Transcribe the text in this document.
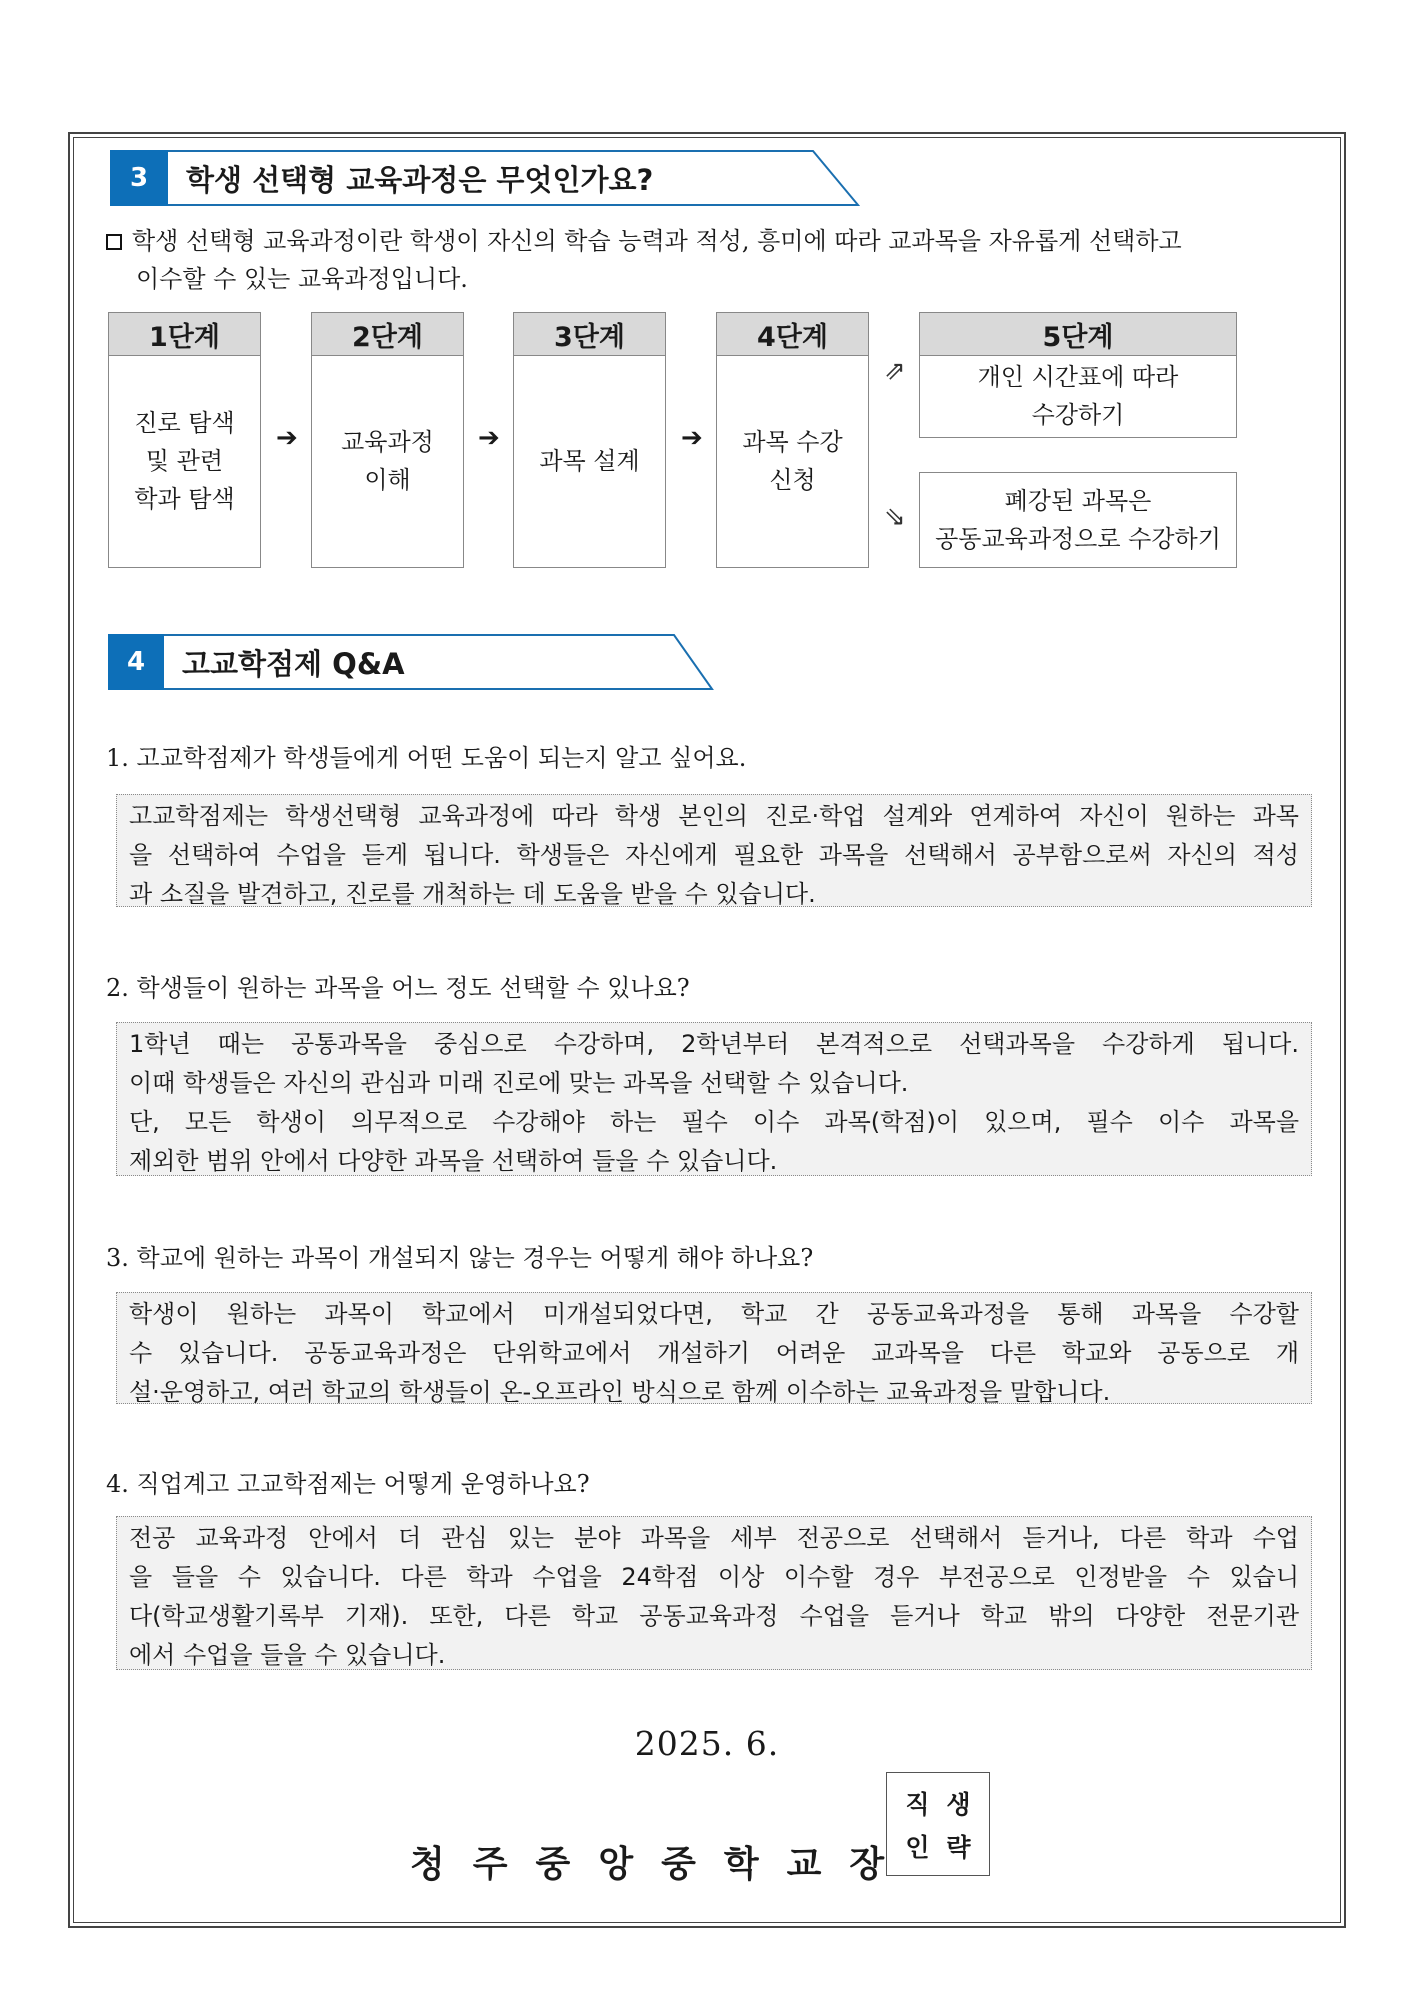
3	학생 선택형 교육과정은 무엇인가요?
학생 선택형 교육과정이란 학생이 자신의 학습 능력과 적성, 흥미에 따라 교과목을 자유롭게 선택하고
이수할 수 있는 교육과정입니다.
1단계
진로 탐색
및 관련
학과 탐색
➔
2단계
교육과정
이해
➔
3단계
과목 설계
➔
4단계
과목 수강
신청
⇗
⇘
5단계
개인 시간표에 따라
수강하기
폐강된 과목은
공동교육과정으로 수강하기
4	고교학점제 Q&A
1. 고교학점제가 학생들에게 어떤 도움이 되는지 알고 싶어요.

고교학점제는 학생선택형 교육과정에 따라 학생 본인의 진로·학업 설계와 연계하여 자신이 원하는 과목

을 선택하여 수업을 듣게 됩니다. 학생들은 자신에게 필요한 과목을 선택해서 공부함으로써 자신의 적성

과 소질을 발견하고, 진로를 개척하는 데 도움을 받을 수 있습니다.

2. 학생들이 원하는 과목을 어느 정도 선택할 수 있나요?

1학년 때는 공통과목을 중심으로 수강하며, 2학년부터 본격적으로 선택과목을 수강하게 됩니다.

이때 학생들은 자신의 관심과 미래 진로에 맞는 과목을 선택할 수 있습니다.

단, 모든 학생이 의무적으로 수강해야 하는 필수 이수 과목(학점)이 있으며, 필수 이수 과목을

제외한 범위 안에서 다양한 과목을 선택하여 들을 수 있습니다.

3. 학교에 원하는 과목이 개설되지 않는 경우는 어떻게 해야 하나요?

학생이 원하는 과목이 학교에서 미개설되었다면, 학교 간 공동교육과정을 통해 과목을 수강할

수 있습니다. 공동교육과정은 단위학교에서 개설하기 어려운 교과목을 다른 학교와 공동으로 개

설·운영하고, 여러 학교의 학생들이 온-오프라인 방식으로 함께 이수하는 교육과정을 말합니다.

4. 직업계고 고교학점제는 어떻게 운영하나요?

전공 교육과정 안에서 더 관심 있는 분야 과목을 세부 전공으로 선택해서 듣거나, 다른 학과 수업

을 들을 수 있습니다. 다른 학과 수업을 24학점 이상 이수할 경우 부전공으로 인정받을 수 있습니

다(학교생활기록부 기재). 또한, 다른 학교 공동교육과정 수업을 듣거나 학교 밖의 다양한 전문기관

에서 수업을 들을 수 있습니다.

2025. 6.
청주중앙중학교장
직 생
인 략
